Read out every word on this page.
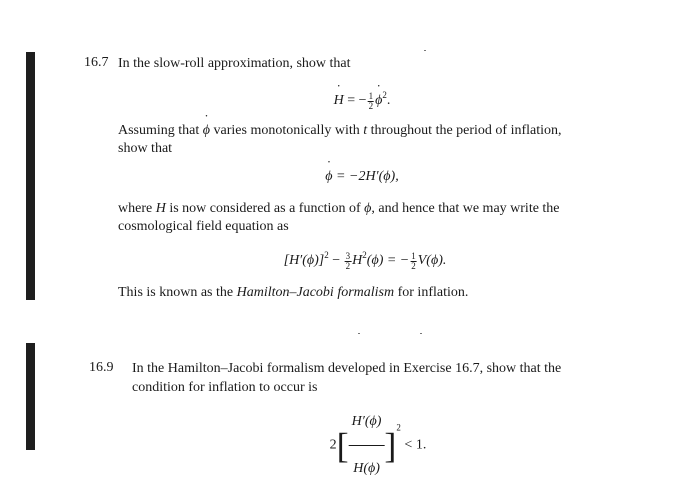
16.7 In the slow-roll approximation, show that
˙ H = − $\frac{1}{2}$
˙ $\phi^2$.
Assuming that ˙ ϕ varies monotonically with t throughout the period of inflation,
show that
˙ ϕ = −2H′(ϕ),
where H is now considered as a function of ϕ, and hence that we may write the
cosmological field equation as
$[H'(\phi)]^2 - \frac{3}{2} H^2(\phi)$ = − $\frac{1}{2} V(\phi)$.
This is known as the Hamilton–Jacobi formalism for inflation.
16.9 In the Hamilton–Jacobi formalism developed in Exercise 16.7, show that the
condition for inflation to occur is
$2[ \frac{H'(\phi)}{H(\phi)} ]^2 < 1$.
